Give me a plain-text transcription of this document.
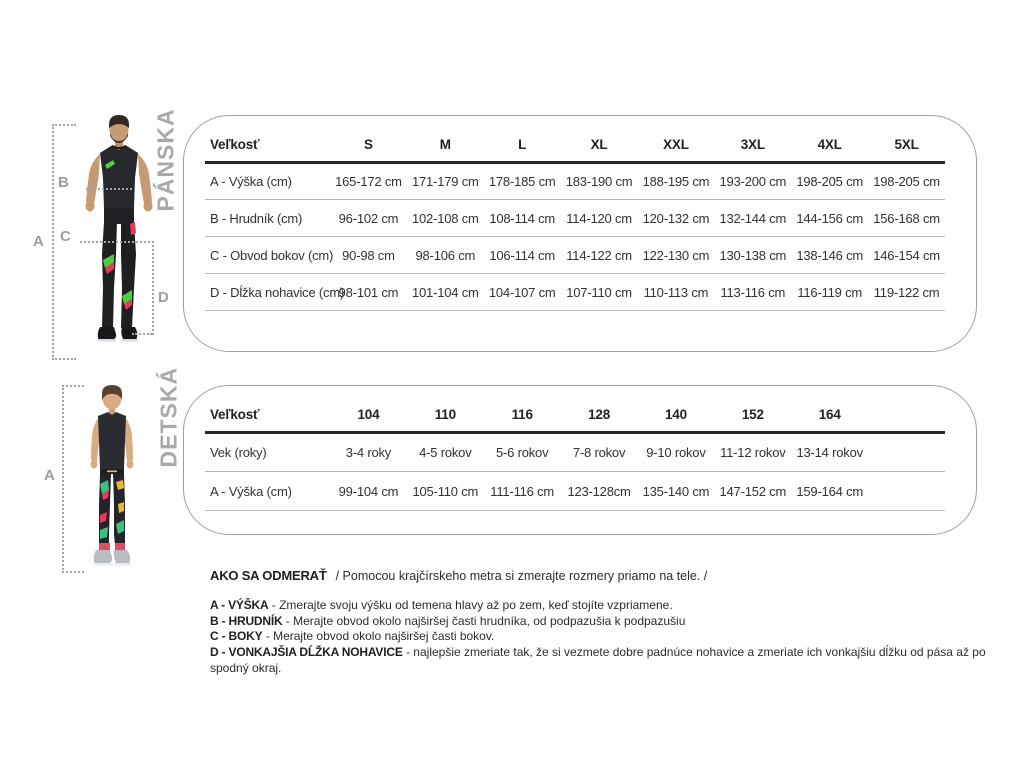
A
B
C
D
PÁNSKA Veľkosť	S	M	L	XL	XXL	3XL	4XL	5XL
A - Výška (cm)	165-172 cm	171-179 cm	178-185 cm	183-190 cm	188-195 cm	193-200 cm	198-205 cm	198-205 cm
B - Hrudník (cm)	96-102 cm	102-108 cm	108-114 cm	114-120 cm	120-132 cm	132-144 cm	144-156 cm	156-168 cm
C - Obvod bokov (cm)	90-98 cm	98-106 cm	106-114 cm	114-122 cm	122-130 cm	130-138 cm	138-146 cm	146-154 cm
D - Dĺžka nohavice (cm)	98-101 cm	101-104 cm	104-107 cm	107-110 cm	110-113 cm	113-116 cm	116-119 cm	119-122 cm
A
DETSKÁ Veľkosť	104	110	116	128	140	152	164	
Vek (roky)	3-4 roky	4-5 rokov	5-6 rokov	7-8 rokov	9-10 rokov	11-12 rokov	13-14 rokov	
A - Výška (cm)	99-104 cm	105-110 cm	111-116 cm	123-128cm	135-140 cm	147-152 cm	159-164 cm	
AKO SA ODMERAŤ / Pomocou krajčírskeho metra si zmerajte rozmery priamo na tele. /
A - VÝŠKA - Zmerajte svoju výšku od temena hlavy až po zem, keď stojíte vzpriamene.
B - HRUDNÍK - Merajte obvod okolo najširšej časti hrudníka, od podpazušia k podpazušiu
C - BOKY - Merajte obvod okolo najširšej časti bokov.
D - VONKAJŠIA DĹŽKA NOHAVICE - najlepšie zmeriate tak, že si vezmete dobre padnúce nohavice a zmeriate ich vonkajšiu dĺžku od pása až po spodný okraj.
